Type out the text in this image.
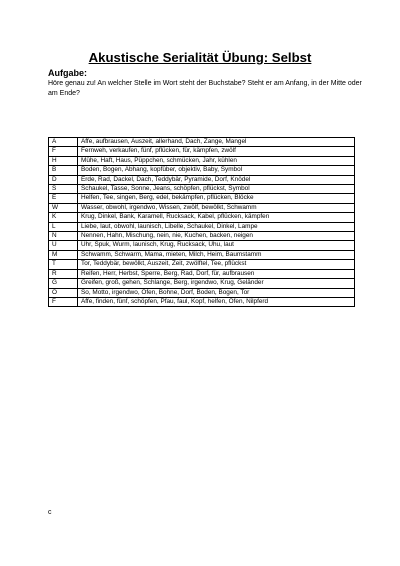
Akustische Serialität Übung: Selbst
Aufgabe:
Höre genau zu! An welcher Stelle im Wort steht der Buchstabe? Steht er am Anfang, in der Mitte oder am Ende?
A	Affe, aufbrausen, Auszeit, allerhand, Dach, Zange, Mangel
F	Fernweh, verkaufen, fünf, pflücken, für, kämpfen, zwölf
H	Mühe, Haft, Haus, Püppchen, schmücken, Jahr, kühlen
B	Boden, Bogen, Abhang, kopfüber, objektiv, Baby, Symbol
D	Erde, Rad, Dackel, Dach, Teddybär, Pyramide, Dorf, Knödel
S	Schaukel, Tasse, Sonne, Jeans, schöpfen, pflückst, Symbol
E	Helfen, Tee, singen, Berg, edel, bekämpfen, pflücken, Blöcke
W	Wasser, obwohl, irgendwo, Wissen, zwölf, bewölkt, Schwamm
K	Krug, Dinkel, Bank, Karamell, Rucksack, Kabel, pflücken, kämpfen
L	Liebe, laut, obwohl, launisch, Libelle, Schaukel, Dinkel, Lampe
N	Nennen, Hahn, Mischung, nein, nie, Kuchen, backen, neigen
U	Uhr, Spuk, Wurm, launisch, Krug, Rucksack, Uhu, laut
M	Schwamm, Schwarm, Mama, mieten, Milch, Heim, Baumstamm
T	Tor, Teddybär, bewölkt, Auszeit, Zeit, zwölftel, Tee, pflückst
R	Reifen, Herr, Herbst, Sperre, Berg, Rad, Dorf, für, aufbrausen
G	Greifen, groß, gehen, Schlange, Berg, irgendwo, Krug, Geländer
O	So, Motto, irgendwo, Ofen, Bohne, Dorf, Boden, Bogen, Tor
F	Affe, finden, fünf, schöpfen, Pfau, faul, Kopf, helfen, Ofen, Nilpferd
c
